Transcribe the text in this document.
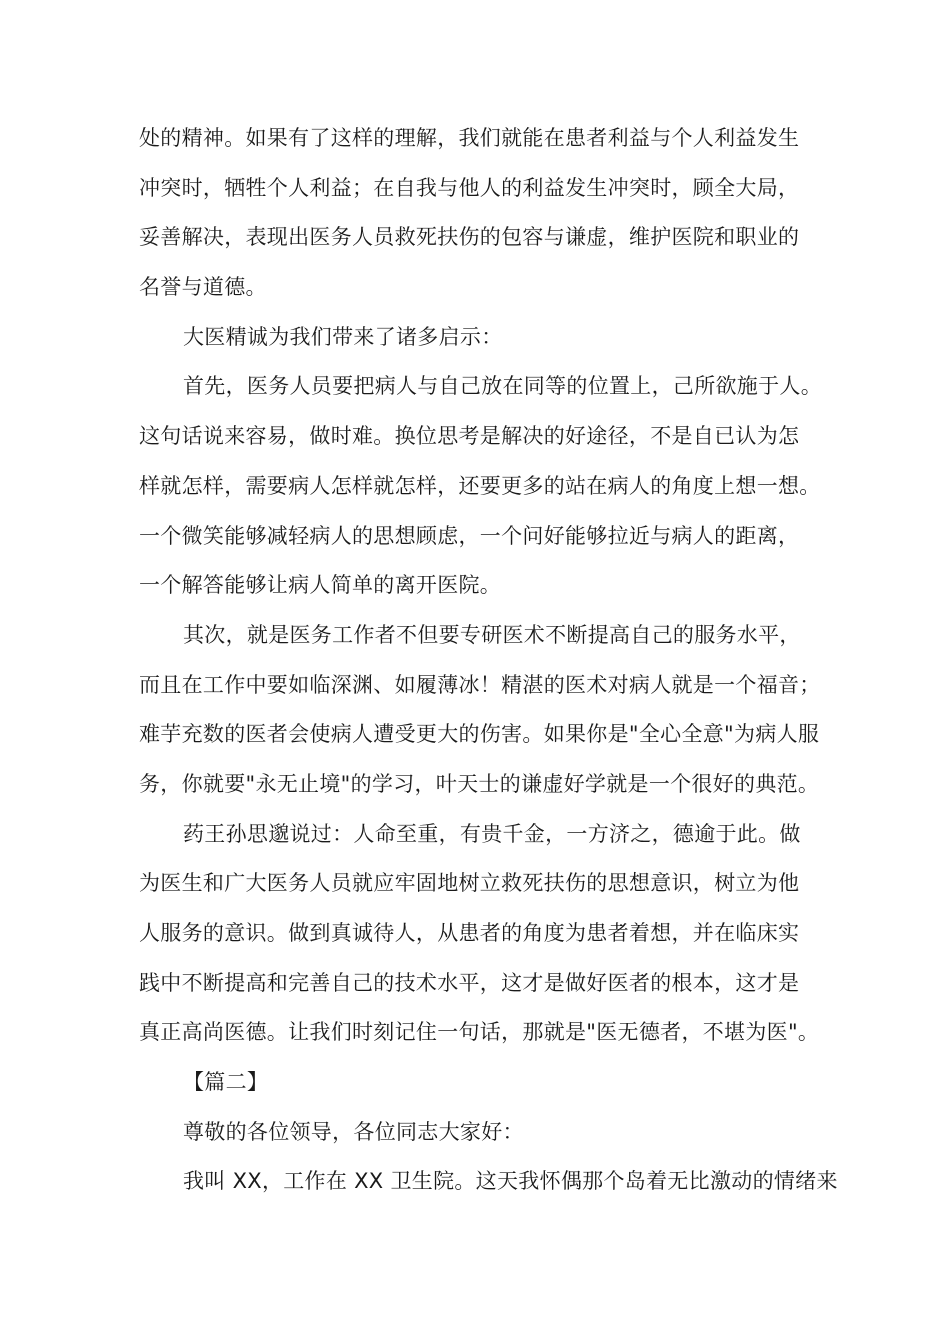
处的精神。如果有了这样的理解，我们就能在患者利益与个人利益发生
冲突时，牺牲个人利益；在自我与他人的利益发生冲突时，顾全大局，
妥善解决，表现出医务人员救死扶伤的包容与谦虚，维护医院和职业的
名誉与道德。
大医精诚为我们带来了诸多启示：
首先，医务人员要把病人与自己放在同等的位置上，己所欲施于人。
这句话说来容易，做时难。换位思考是解决的好途径，不是自已认为怎
样就怎样，需要病人怎样就怎样，还要更多的站在病人的角度上想一想。
一个微笑能够减轻病人的思想顾虑，一个问好能够拉近与病人的距离，
一个解答能够让病人简单的离开医院。
其次，就是医务工作者不但要专研医术不断提高自己的服务水平，
而且在工作中要如临深渊、如履薄冰！精湛的医术对病人就是一个福音；
难芋充数的医者会使病人遭受更大的伤害。如果你是"全心全意"为病人服
务，你就要"永无止境"的学习，叶天士的谦虚好学就是一个很好的典范。
药王孙思邈说过：人命至重，有贵千金，一方济之，德逾于此。做
为医生和广大医务人员就应牢固地树立救死扶伤的思想意识，树立为他
人服务的意识。做到真诚待人，从患者的角度为患者着想，并在临床实
践中不断提高和完善自己的技术水平，这才是做好医者的根本，这才是
真正高尚医德。让我们时刻记住一句话，那就是"医无德者，不堪为医"。
【篇二】
尊敬的各位领导，各位同志大家好：
我叫 XX，工作在 XX 卫生院。这天我怀偶那个岛着无比激动的情绪来
